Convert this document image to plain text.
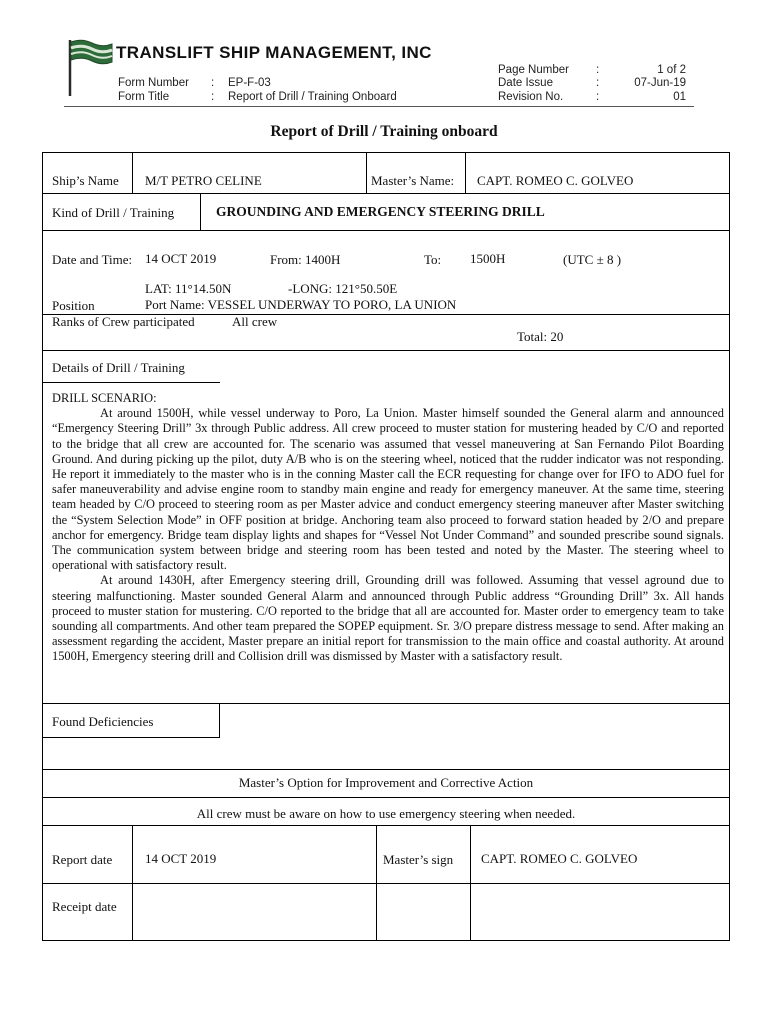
TRANSLIFT SHIP MANAGEMENT, INC
Form Number : EP-F-03
Form Title	: Report of Drill / Training Onboard
Page Number :	1 of 2
Date Issue	:	07-Jun-19
Revision No.	:	01
Report of Drill / Training onboard
Ship’s Name M/T PETRO CELINE	Master’s Name: CAPT. ROMEO C. GOLVEO
Kind of Drill / Training	GROUNDING AND EMERGENCY STEERING DRILL
Date and Time: 14 OCT 2019	From: 1400H	To: 1500H	(UTC ± 8 )
Position
LAT: 11°14.50N	-LONG: 121°50.50E
Port Name: VESSEL UNDERWAY TO PORO, LA UNION
Ranks of Crew participated	All crew
Total: 20
Details of Drill / Training

DRILL SCENARIO:

At around 1500H, while vessel underway to Poro, La Union. Master himself sounded the General alarm and announced “Emergency Steering Drill” 3x through Public address. All crew proceed to muster station for mustering headed by C/O and reported to the bridge that all crew are accounted for. The scenario was assumed that vessel maneuvering at San Fernando Pilot Boarding Ground. And during picking up the pilot, duty A/B who is on the steering wheel, noticed that the rudder indicator was not responding. He report it immediately to the master who is in the conning Master call the ECR requesting for change over for IFO to ADO fuel for safer maneuverability and advise engine room to standby main engine and ready for emergency maneuver. At the same time, steering team headed by C/O proceed to steering room as per Master advice and conduct emergency steering maneuver after Master switching the “System Selection Mode” in OFF position at bridge. Anchoring team also proceed to forward station headed by 2/O and prepare anchor for emergency. Bridge team display lights and shapes for “Vessel Not Under Command” and sounded prescribe sound signals. The communication system between bridge and steering room has been tested and noted by the Master. The steering wheel to operational with satisfactory result.

At around 1430H, after Emergency steering drill, Grounding drill was followed. Assuming that vessel aground due to steering malfunctioning. Master sounded General Alarm and announced through Public address “Grounding Drill” 3x. All hands proceed to muster station for mustering. C/O reported to the bridge that all are accounted for. Master order to emergency team to take sounding all compartments. And other team prepared the SOPEP equipment. Sr. 3/O prepare distress message to send. After making an assessment regarding the accident, Master prepare an initial report for transmission to the main office and coastal authority. At around 1500H, Emergency steering drill and Collision drill was dismissed by Master with a satisfactory result.

Found Deficiencies
Master’s Option for Improvement and Corrective Action
All crew must be aware on how to use emergency steering when needed.
Report date	14 OCT 2019	Master’s sign CAPT. ROMEO C. GOLVEO
Receipt date
